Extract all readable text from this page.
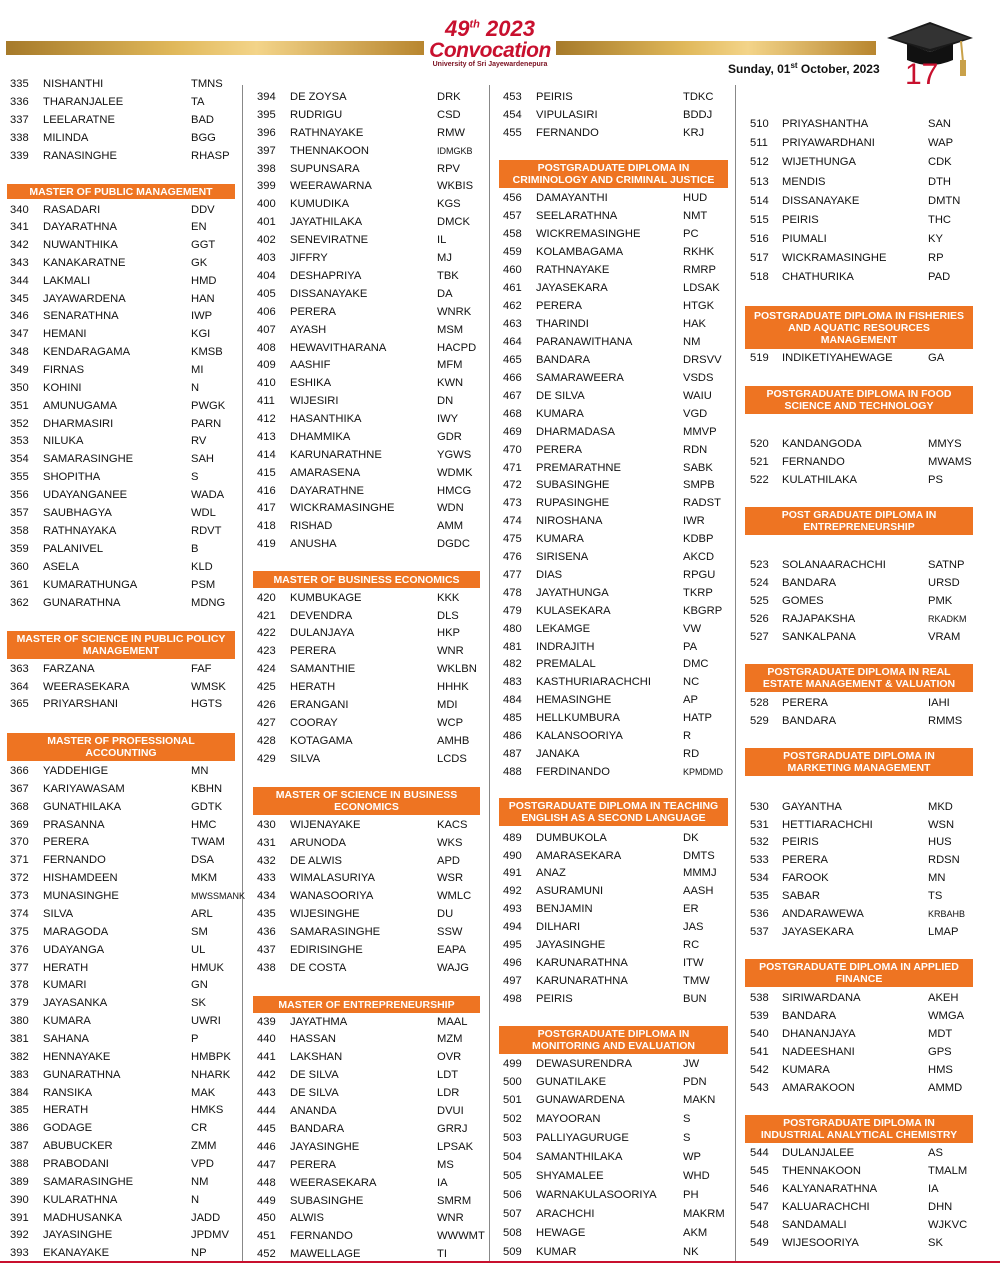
49th 2023
Convocation
University of Sri Jayewardenepura	Sunday, 01st October, 2023 17
335 NISHANTHI	TMNS
336 THARANJALEE	TA
337 LEELARATNE	BAD
338 MILINDA	BGG
339 RANASINGHE	RHASP
MASTER OF PUBLIC MANAGEMENT
340 RASADARI	DDV
341 DAYARATHNA	EN
342 NUWANTHIKA	GGT
343 KANAKARATNE	GK
344 LAKMALI	HMD
345 JAYAWARDENA	HAN
346 SENARATHNA	IWP
347 HEMANI	KGI
348 KENDARAGAMA	KMSB
349 FIRNAS	MI
350 KOHINI	N
351 AMUNUGAMA	PWGK
352 DHARMASIRI	PARN
353 NILUKA	RV
354 SAMARASINGHE	SAH
355 SHOPITHA	S
356 UDAYANGANEE	WADA
357 SAUBHAGYA	WDL
358 RATHNAYAKA	RDVT
359 PALANIVEL	B
360 ASELA	KLD
361 KUMARATHUNGA	PSM
362 GUNARATHNA	MDNG
MASTER OF SCIENCE IN PUBLIC POLICY MANAGEMENT
363 FARZANA	FAF
364 WEERASEKARA	WMSK
365 PRIYARSHANI	HGTS
MASTER OF PROFESSIONAL ACCOUNTING
366 YADDEHIGE	MN
367 KARIYAWASAM	KBHN
368 GUNATHILAKA	GDTK
369 PRASANNA	HMC
370 PERERA	TWAM
371 FERNANDO	DSA
372 HISHAMDEEN	MKM
373 MUNASINGHE	MWSSMANK
374 SILVA	ARL
375 MARAGODA	SM
376 UDAYANGA	UL
377 HERATH	HMUK
378 KUMARI	GN
379 JAYASANKA	SK
380 KUMARA	UWRI
381 SAHANA	P
382 HENNAYAKE	HMBPK
383 GUNARATHNA	NHARK
384 RANSIKA	MAK
385 HERATH	HMKS
386 GODAGE	CR
387 ABUBUCKER	ZMM
388 PRABODANI	VPD
389 SAMARASINGHE	NM
390 KULARATHNA	N
391 MADHUSANKA	JADD
392 JAYASINGHE	JPDMV
393 EKANAYAKE	NP
394 DE ZOYSA	DRK
395 RUDRIGU	CSD
396 RATHNAYAKE	RMW
397 THENNAKOON	IDMGKB
398 SUPUNSARA	RPV
399 WEERAWARNA	WKBIS
400 KUMUDIKA	KGS
401 JAYATHILAKA	DMCK
402 SENEVIRATNE	IL
403 JIFFRY	MJ
404 DESHAPRIYA	TBK
405 DISSANAYAKE	DA
406 PERERA	WNRK
407 AYASH	MSM
408 HEWAVITHARANA	HACPD
409 AASHIF	MFM
410 ESHIKA	KWN
411 WIJESIRI	DN
412 HASANTHIKA	IWY
413 DHAMMIKA	GDR
414 KARUNARATHNE	YGWS
415 AMARASENA	WDMK
416 DAYARATHNE	HMCG
417 WICKRAMASINGHE	WDN
418 RISHAD	AMM
419 ANUSHA	DGDC
MASTER OF BUSINESS ECONOMICS
420 KUMBUKAGE	KKK
421 DEVENDRA	DLS
422 DULANJAYA	HKP
423 PERERA	WNR
424 SAMANTHIE	WKLBN
425 HERATH	HHHK
426 ERANGANI	MDI
427 COORAY	WCP
428 KOTAGAMA	AMHB
429 SILVA	LCDS
MASTER OF SCIENCE IN BUSINESS ECONOMICS
430 WIJENAYAKE	KACS
431 ARUNODA	WKS
432 DE ALWIS	APD
433 WIMALASURIYA	WSR
434 WANASOORIYA	WMLC
435 WIJESINGHE	DU
436 SAMARASINGHE	SSW
437 EDIRISINGHE	EAPA
438 DE COSTA	WAJG
MASTER OF ENTREPRENEURSHIP
439 JAYATHMA	MAAL
440 HASSAN	MZM
441 LAKSHAN	OVR
442 DE SILVA	LDT
443 DE SILVA	LDR
444 ANANDA	DVUI
445 BANDARA	GRRJ
446 JAYASINGHE	LPSAK
447 PERERA	MS
448 WEERASEKARA	IA
449 SUBASINGHE	SMRM
450 ALWIS	WNR
451 FERNANDO	WWWMT
452 MAWELLAGE	TI
453 PEIRIS	TDKC
454 VIPULASIRI	BDDJ
455 FERNANDO	KRJ
POSTGRADUATE DIPLOMA IN CRIMINOLOGY AND CRIMINAL JUSTICE
456 DAMAYANTHI	HUD
457 SEELARATHNA	NMT
458 WICKREMASINGHE	PC
459 KOLAMBAGAMA	RKHK
460 RATHNAYAKE	RMRP
461 JAYASEKARA	LDSAK
462 PERERA	HTGK
463 THARINDI	HAK
464 PARANAWITHANA	NM
465 BANDARA	DRSVV
466 SAMARAWEERA	VSDS
467 DE SILVA	WAIU
468 KUMARA	VGD
469 DHARMADASA	MMVP
470 PERERA	RDN
471 PREMARATHNE	SABK
472 SUBASINGHE	SMPB
473 RUPASINGHE	RADST
474 NIROSHANA	IWR
475 KUMARA	KDBP
476 SIRISENA	AKCD
477 DIAS	RPGU
478 JAYATHUNGA	TKRP
479 KULASEKARA	KBGRP
480 LEKAMGE	VW
481 INDRAJITH	PA
482 PREMALAL	DMC
483 KASTHURIARACHCHI	NC
484 HEMASINGHE	AP
485 HELLKUMBURA	HATP
486 KALANSOORIYA	R
487 JANAKA	RD
488 FERDINANDO	KPMDMD
POSTGRADUATE DIPLOMA IN TEACHING ENGLISH AS A SECOND LANGUAGE
489 DUMBUKOLA	DK
490 AMARASEKARA	DMTS
491 ANAZ	MMMJ
492 ASURAMUNI	AASH
493 BENJAMIN	ER
494 DILHARI	JAS
495 JAYASINGHE	RC
496 KARUNARATHNA	ITW
497 KARUNARATHNA	TMW
498 PEIRIS	BUN
POSTGRADUATE DIPLOMA IN MONITORING AND EVALUATION
499 DEWASURENDRA	JW
500 GUNATILAKE	PDN
501 GUNAWARDENA	MAKN
502 MAYOORAN	S
503 PALLIYAGURUGE	S
504 SAMANTHILAKA	WP
505 SHYAMALEE	WHD
506 WARNAKULASOORIYA PH
507 ARACHCHI	MAKRM
508 HEWAGE	AKM
509 KUMAR	NK
510 PRIYASHANTHA	SAN
511 PRIYAWARDHANI	WAP
512 WIJETHUNGA	CDK
513 MENDIS	DTH
514 DISSANAYAKE	DMTN
515 PEIRIS	THC
516 PIUMALI	KY
517 WICKRAMASINGHE	RP
518 CHATHURIKA	PAD
POSTGRADUATE DIPLOMA IN FISHERIES AND AQUATIC RESOURCES MANAGEMENT
519 INDIKETIYAHEWAGE	GA
POSTGRADUATE DIPLOMA IN FOOD SCIENCE AND TECHNOLOGY
520 KANDANGODA	MMYS
521 FERNANDO	MWAMS
522 KULATHILAKA	PS
POST GRADUATE DIPLOMA IN ENTREPRENEURSHIP
523 SOLANAARACHCHI	SATNP
524 BANDARA	URSD
525 GOMES	PMK
526 RAJAPAKSHA	RKADKM
527 SANKALPANA	VRAM
POSTGRADUATE DIPLOMA IN REAL ESTATE MANAGEMENT & VALUATION
528 PERERA	IAHI
529 BANDARA	RMMS
POSTGRADUATE DIPLOMA IN MARKETING MANAGEMENT
530 GAYANTHA	MKD
531 HETTIARACHCHI	WSN
532 PEIRIS	HUS
533 PERERA	RDSN
534 FAROOK	MN
535 SABAR	TS
536 ANDARAWEWA	KRBAHB
537 JAYASEKARA	LMAP
POSTGRADUATE DIPLOMA IN APPLIED FINANCE
538 SIRIWARDANA	AKEH
539 BANDARA	WMGA
540 DHANANJAYA	MDT
541 NADEESHANI	GPS
542 KUMARA	HMS
543 AMARAKOON	AMMD
POSTGRADUATE DIPLOMA IN INDUSTRIAL ANALYTICAL CHEMISTRY
544 DULANJALEE	AS
545 THENNAKOON	TMALM
546 KALYANARATHNA	IA
547 KALUARACHCHI	DHN
548 SANDAMALI	WJKVC
549 WIJESOORIYA	SK
